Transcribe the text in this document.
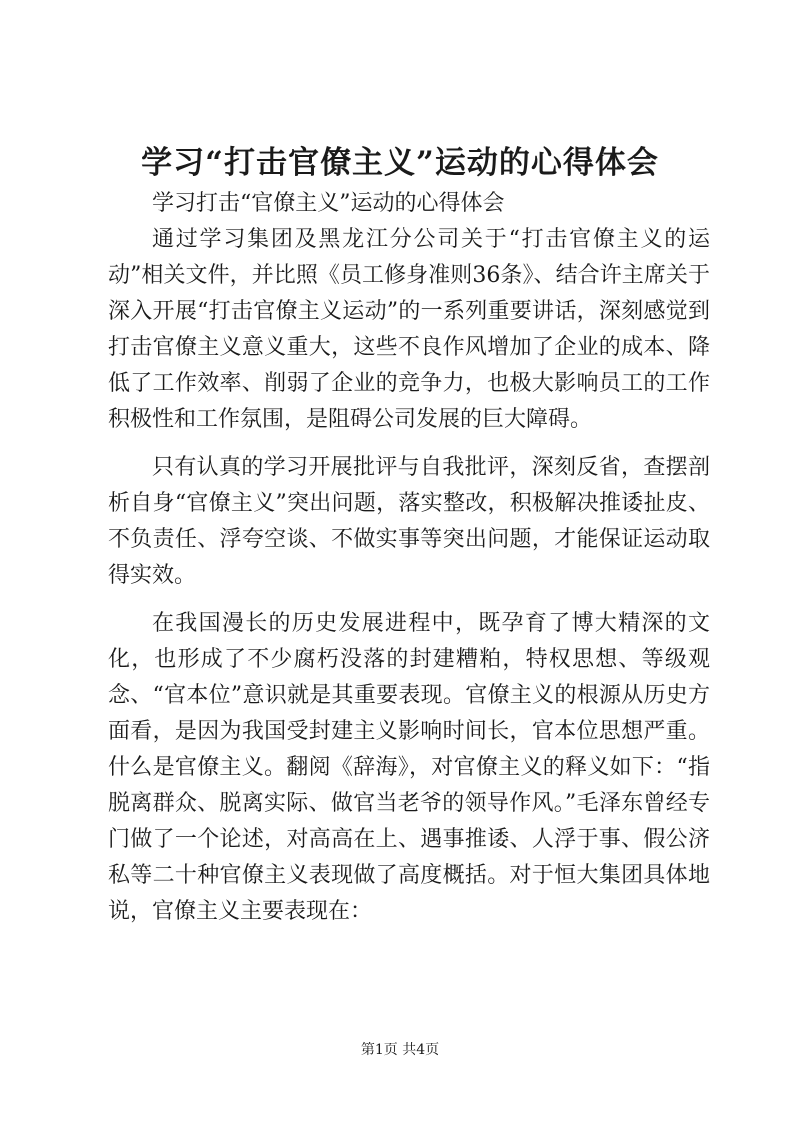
学习“打击官僚主义”运动的心得体会

学习打击“官僚主义”运动的心得体会

通过学习集团及黑龙江分公司关于“打击官僚主义的运动”相关文件，并比照《员工修身准则36条》、结合许主席关于深入开展“打击官僚主义运动”的一系列重要讲话，深刻感觉到打击官僚主义意义重大，这些不良作风增加了企业的成本、降低了工作效率、削弱了企业的竞争力，也极大影响员工的工作积极性和工作氛围，是阻碍公司发展的巨大障碍。

只有认真的学习开展批评与自我批评，深刻反省，查摆剖析自身“官僚主义”突出问题，落实整改，积极解决推诿扯皮、不负责任、浮夸空谈、不做实事等突出问题，才能保证运动取得实效。

在我国漫长的历史发展进程中，既孕育了博大精深的文化，也形成了不少腐朽没落的封建糟粕，特权思想、等级观念、“官本位”意识就是其重要表现。官僚主义的根源从历史方面看，是因为我国受封建主义影响时间长，官本位思想严重。什么是官僚主义。翻阅《辞海》，对官僚主义的释义如下：“指脱离群众、脱离实际、做官当老爷的领导作风。”毛泽东曾经专门做了一个论述，对高高在上、遇事推诿、人浮于事、假公济私等二十种官僚主义表现做了高度概括。对于恒大集团具体地说，官僚主义主要表现在：

第1页 共4页
